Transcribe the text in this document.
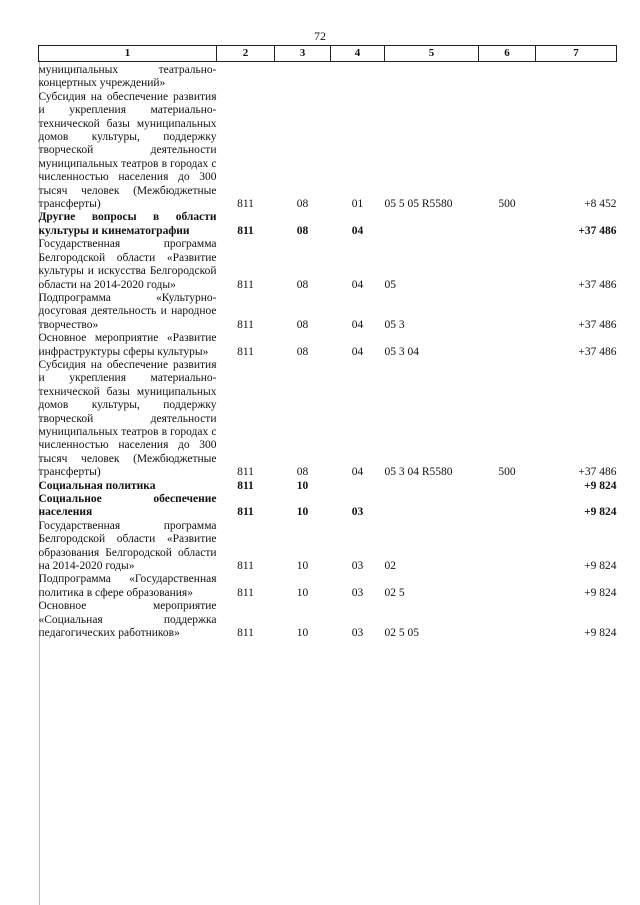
72
1	2	3	4	5	6	7
муниципальных театрально-концертных учреждений»						
Субсидия на обеспечение развития и укрепления материально-технической базы муниципальных домов культуры, поддержку творческой деятельности муниципальных театров в городах с численностью населения до 300 тысяч человек (Межбюджетные трансферты)	811	08	01	05 5 05 R5580	500	+8 452
Другие вопросы в области культуры и кинематографии	811	08	04			+37 486
Государственная программа Белгородской области «Развитие культуры и искусства Белгородской области на 2014-2020 годы»	811	08	04	05		+37 486
Подпрограмма «Культурно-досуговая деятельность и народное творчество»	811	08	04	05 3		+37 486
Основное мероприятие «Развитие инфраструктуры сферы культуры»	811	08	04	05 3 04		+37 486
Субсидия на обеспечение развития и укрепления материально-технической базы муниципальных домов культуры, поддержку творческой деятельности муниципальных театров в городах с численностью населения до 300 тысяч человек (Межбюджетные трансферты)	811	08	04	05 3 04 R5580	500	+37 486
Социальная политика	811	10				+9 824
Социальное обеспечение населения	811	10	03			+9 824
Государственная программа Белгородской области «Развитие образования Белгородской области на 2014-2020 годы»	811	10	03	02		+9 824
Подпрограмма «Государственная политика в сфере образования»	811	10	03	02 5		+9 824
Основное мероприятие «Социальная поддержка педагогических работников»	811	10	03	02 5 05		+9 824
